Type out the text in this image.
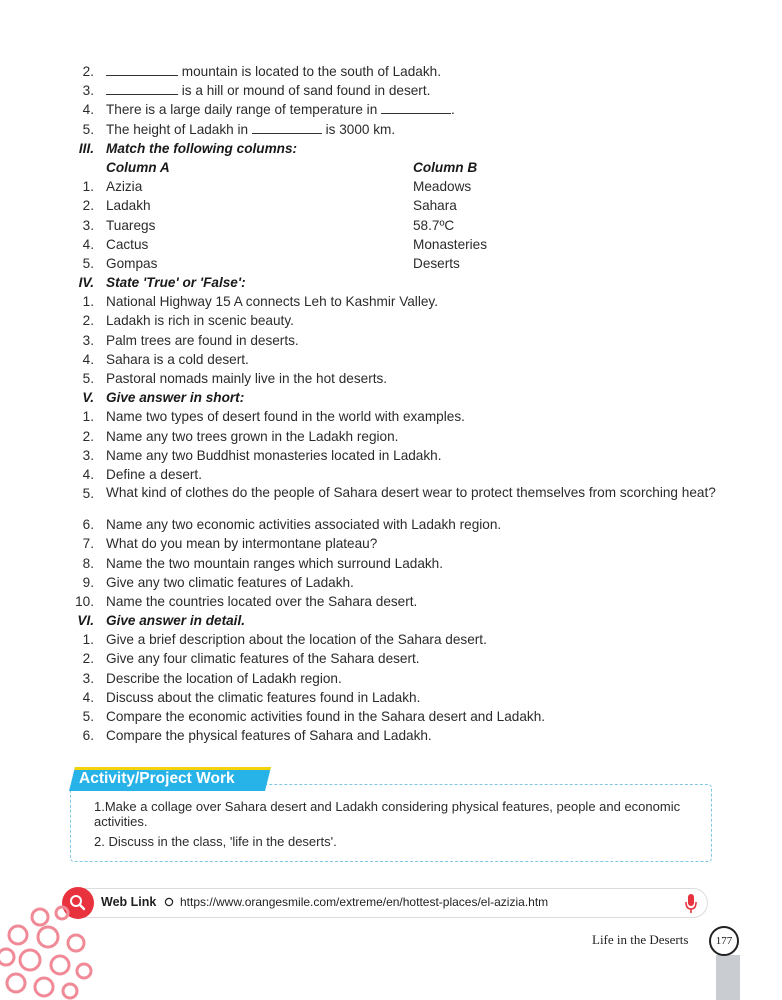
2.	mountain is located to the south of Ladakh.
3.	is a hill or mound of sand found in desert.
4. There is a large daily range of temperature in	.
5. The height of Ladakh in	is 3000 km.
III. Match the following columns:
Column A	Column B
1. Azizia	Meadows
2. Ladakh	Sahara
3. Tuaregs	58.7ºC
4. Cactus	Monasteries
5. Gompas	Deserts
IV. State 'True' or 'False':
1. National Highway 15 A connects Leh to Kashmir Valley.
2. Ladakh is rich in scenic beauty.
3. Palm trees are found in deserts.
4. Sahara is a cold desert.
5. Pastoral nomads mainly live in the hot deserts.
V. Give answer in short:
1. Name two types of desert found in the world with examples.
2. Name any two trees grown in the Ladakh region.
3. Name any two Buddhist monasteries located in Ladakh.
4. Define a desert.
5. What kind of clothes do the people of Sahara desert wear to protect themselves from scorching heat?
6. Name any two economic activities associated with Ladakh region.
7. What do you mean by intermontane plateau?
8. Name the two mountain ranges which surround Ladakh.
9. Give any two climatic features of Ladakh.
10. Name the countries located over the Sahara desert.
VI. Give answer in detail.
1. Give a brief description about the location of the Sahara desert.
2. Give any four climatic features of the Sahara desert.
3. Describe the location of Ladakh region.
4. Discuss about the climatic features found in Ladakh.
5. Compare the economic activities found in the Sahara desert and Ladakh.
6. Compare the physical features of Sahara and Ladakh.
Activity/Project Work
1.Make a collage over Sahara desert and Ladakh considering physical features, people and economic activities.
2. Discuss in the class, 'life in the deserts'.
Web Link	https://www.orangesmile.com/extreme/en/hottest-places/el-azizia.htm
Life in the Deserts	177
